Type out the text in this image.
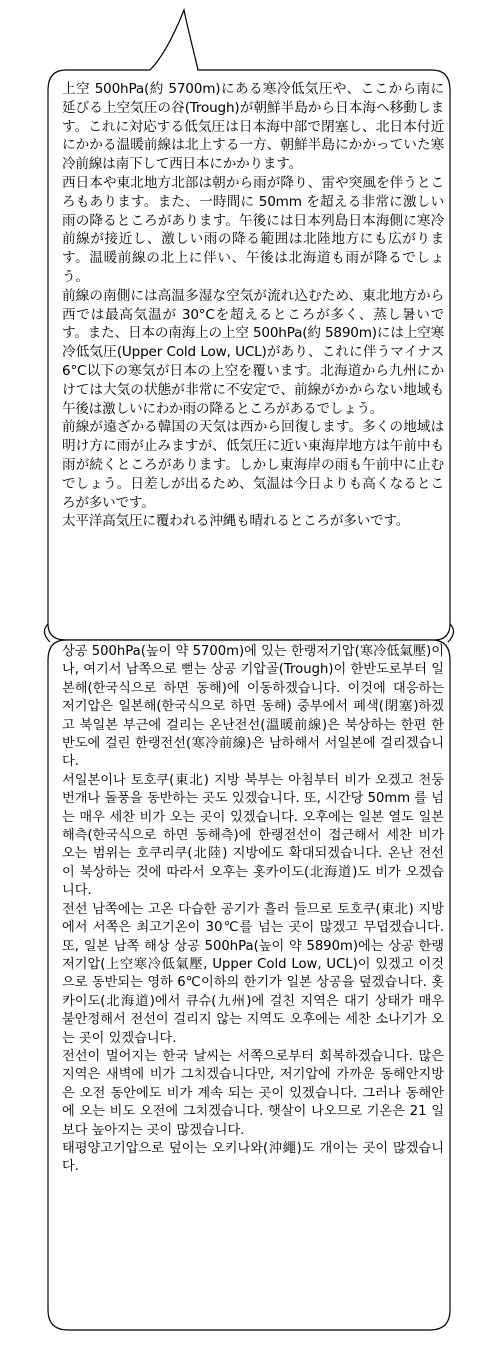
上空 500hPa(約 5700m)にある寒冷低気圧や、ここから南に延びる上空気圧の谷(Trough)が朝鮮半島から日本海へ移動します。これに対応する低気圧は日本海中部で閉塞し、北日本付近にかかる温暖前線は北上する一方、朝鮮半島にかかっていた寒冷前線は南下して西日本にかかります。

西日本や東北地方北部は朝から雨が降り、雷や突風を伴うところもあります。また、一時間に 50mm を超える非常に激しい雨の降るところがあります。午後には日本列島日本海側に寒冷前線が接近し、激しい雨の降る範囲は北陸地方にも広がります。温暖前線の北上に伴い、午後は北海道も雨が降るでしょう。

前線の南側には高温多湿な空気が流れ込むため、東北地方から西では最高気温が 30°Cを超えるところが多く、蒸し暑いです。また、日本の南海上の上空 500hPa(約 5890m)には上空寒冷低気圧(Upper Cold Low, UCL)があり、これに伴うマイナス 6°C以下の寒気が日本の上空を覆います。北海道から九州にかけては大気の状態が非常に不安定で、前線がかからない地域も午後は激しいにわか雨の降るところがあるでしょう。

前線が遠ざかる韓国の天気は西から回復します。多くの地域は明け方に雨が止みますが、低気圧に近い東海岸地方は午前中も雨が続くところがあります。しかし東海岸の雨も午前中に止むでしょう。日差しが出るため、気温は今日よりも高くなるところが多いです。

太平洋高気圧に覆われる沖縄も晴れるところが多いです。

상공 500hPa(높이 약 5700m)에 있는 한랭저기압(寒冷低氣壓)이나, 여기서 남쪽으로 뻗는 상공 기압골(Trough)이 한반도로부터 일본해(한국식으로 하면 동해)에 이동하겠습니다. 이것에 대응하는 저기압은 일본해(한국식으로 하면 동해) 중부에서 폐색(閉塞)하겠고 북일본 부근에 걸리는 온난전선(溫暖前線)은 북상하는 한편 한반도에 걸린 한랭전선(寒冷前線)은 남하해서 서일본에 걸리겠습니다.

서일본이나 토호쿠(東北) 지방 북부는 아침부터 비가 오겠고 천둥번개나 돌풍을 동반하는 곳도 있겠습니다. 또, 시간당 50mm 를 넘는 매우 세찬 비가 오는 곳이 있겠습니다. 오후에는 일본 열도 일본해측(한국식으로 하면 동해측)에 한랭전선이 접근해서 세찬 비가 오는 범위는 호쿠리쿠(北陸) 지방에도 확대되겠습니다. 온난 전선이 북상하는 것에 따라서 오후는 홋카이도(北海道)도 비가 오겠습니다.

전선 남쪽에는 고온 다습한 공기가 흘러 들므로 토호쿠(東北) 지방에서 서쪽은 최고기온이 30℃를 넘는 곳이 많겠고 무덥겠습니다. 또, 일본 남쪽 해상 상공 500hPa(높이 약 5890m)에는 상공 한랭저기압(上空寒冷低氣壓, Upper Cold Low, UCL)이 있겠고 이것으로 동반되는 영하 6℃이하의 한기가 일본 상공을 덮겠습니다. 홋카이도(北海道)에서 큐슈(九州)에 걸친 지역은 대기 상태가 매우 불안정해서 전선이 걸리지 않는 지역도 오후에는 세찬 소나기가 오는 곳이 있겠습니다.

전선이 멀어지는 한국 날씨는 서쪽으로부터 회복하겠습니다. 많은 지역은 새벽에 비가 그치겠습니다만, 저기압에 가까운 동해안지방은 오전 동안에도 비가 계속 되는 곳이 있겠습니다. 그러나 동해안에 오는 비도 오전에 그치겠습니다. 햇살이 나오므로 기온은 21 일보다 높아지는 곳이 많겠습니다.

태평양고기압으로 덮이는 오키나와(沖繩)도 개이는 곳이 많겠습니다.
